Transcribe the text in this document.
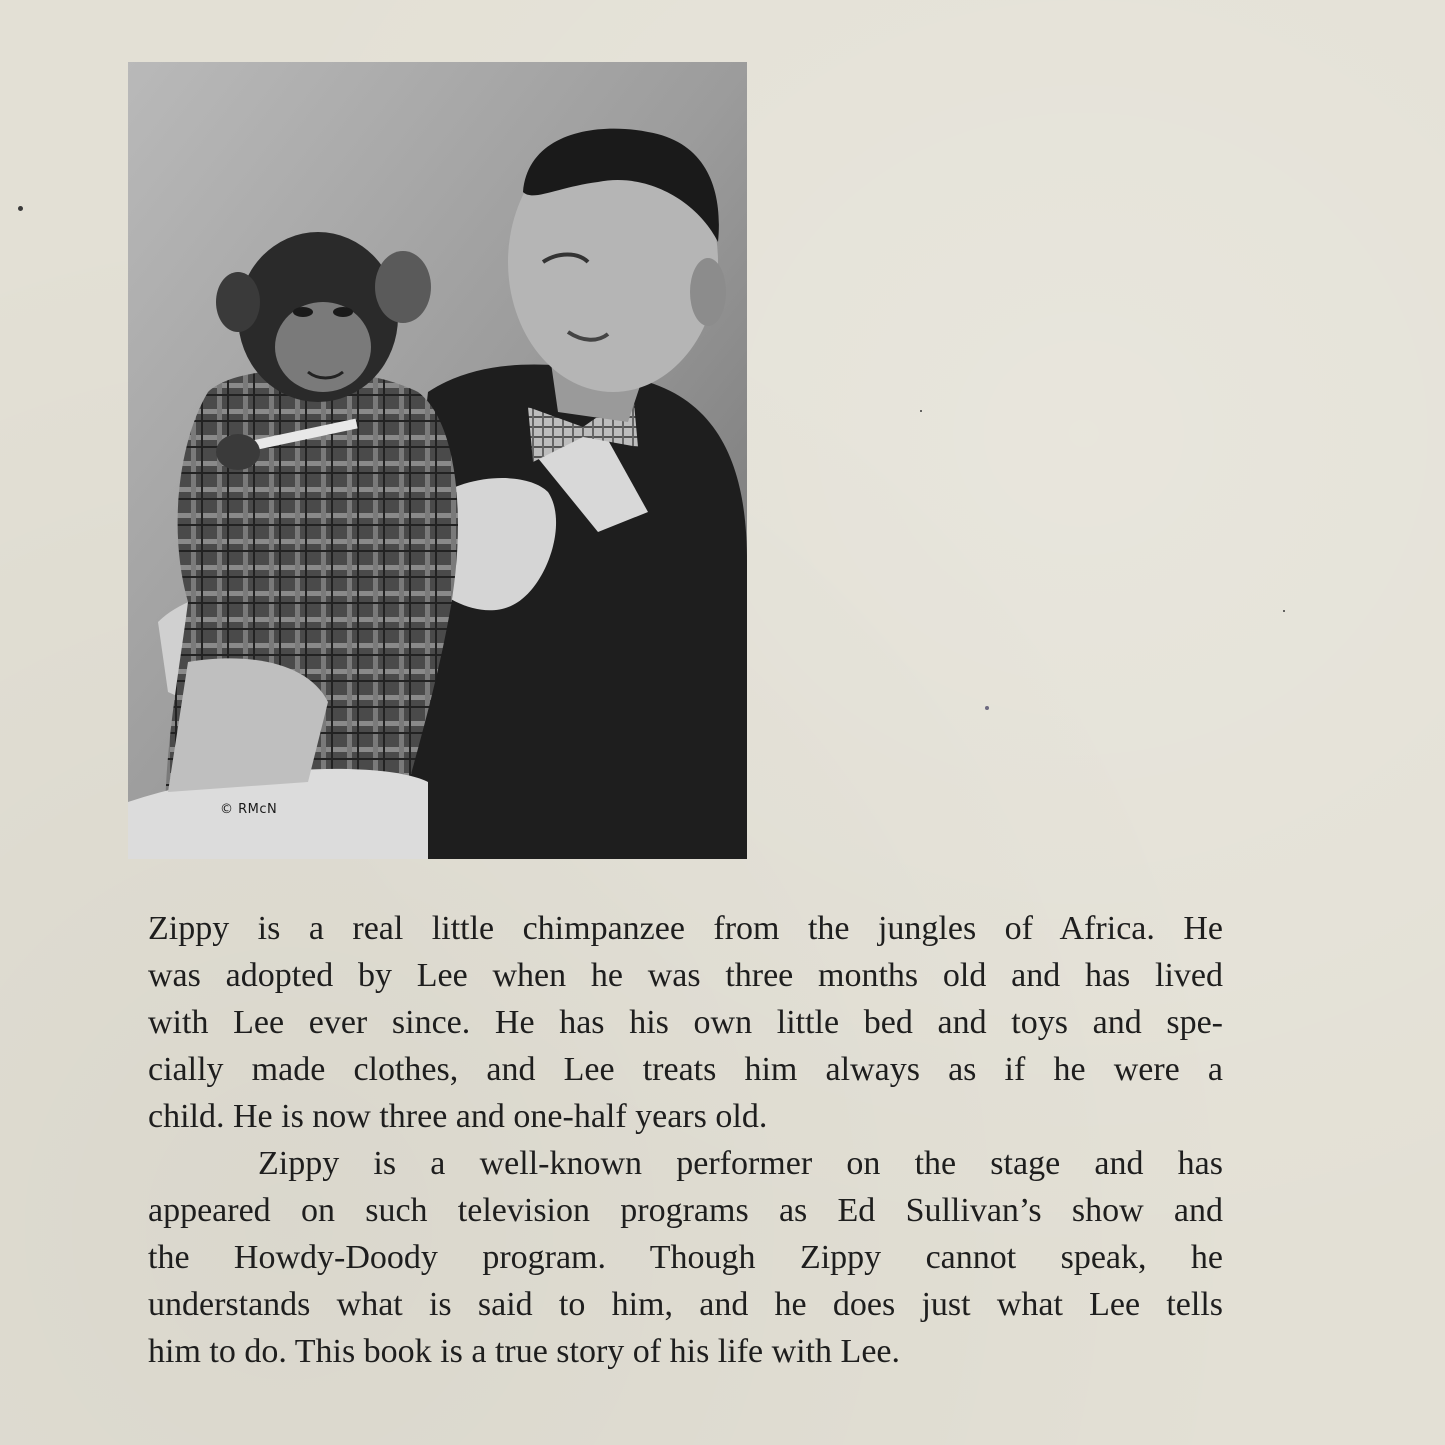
© RMcN

Zippy is a real little chimpanzee from the jungles of Africa. He
was adopted by Lee when he was three months old and has lived
with Lee ever since. He has his own little bed and toys and spe-
cially made clothes, and Lee treats him always as if he were a
child. He is now three and one-half years old.

Zippy is a well-known performer on the stage and has
appeared on such television programs as Ed Sullivan’s show and
the Howdy-Doody program. Though Zippy cannot speak, he
understands what is said to him, and he does just what Lee tells
him to do. This book is a true story of his life with Lee.
